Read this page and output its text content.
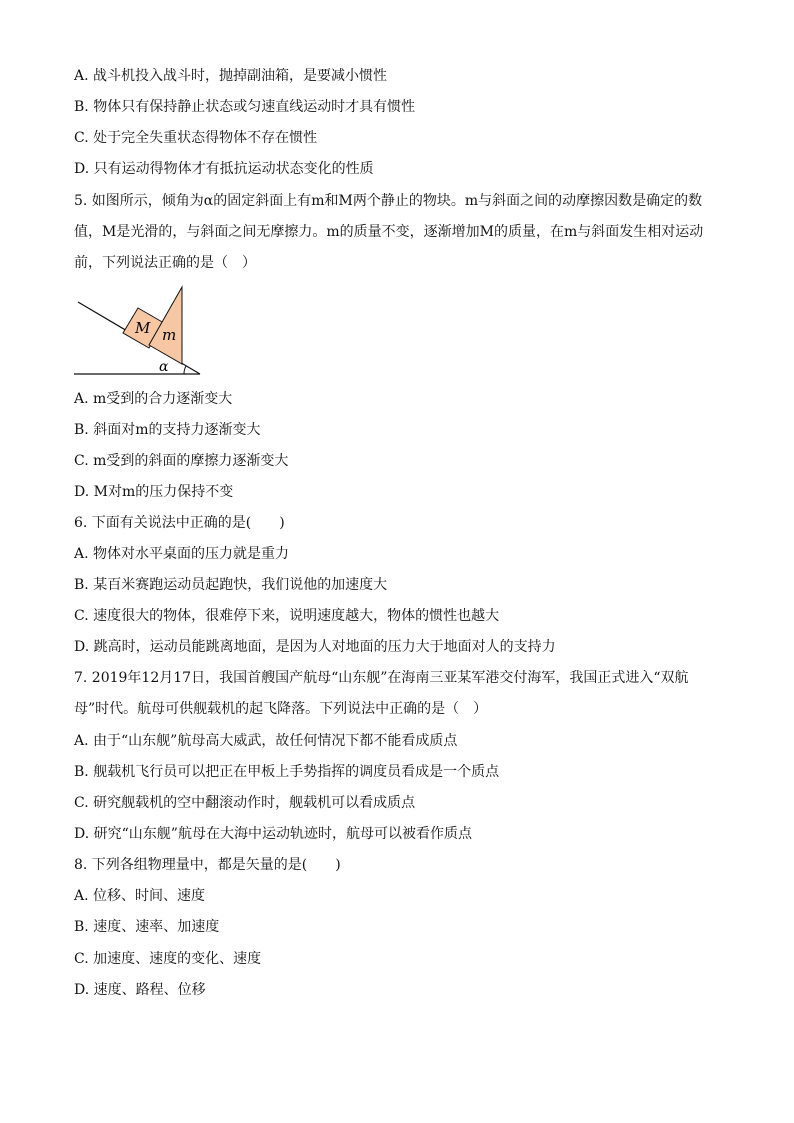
A. 战斗机投入战斗时，抛掉副油箱，是要减小惯性
B. 物体只有保持静止状态或匀速直线运动时才具有惯性
C. 处于完全失重状态得物体不存在惯性
D. 只有运动得物体才有抵抗运动状态变化的性质
5. 如图所示，倾角为α的固定斜面上有m和M两个静止的物块。m与斜面之间的动摩擦因数是确定的数
值，M是光滑的，与斜面之间无摩擦力。m的质量不变，逐渐增加M的质量，在m与斜面发生相对运动
前，下列说法正确的是（　）
M m
α
A. m受到的合力逐渐变大
B. 斜面对m的支持力逐渐变大
C. m受到的斜面的摩擦力逐渐变大
D. M对m的压力保持不变
6. 下面有关说法中正确的是(　　)
A. 物体对水平桌面的压力就是重力
B. 某百米赛跑运动员起跑快，我们说他的加速度大
C. 速度很大的物体，很难停下来，说明速度越大，物体的惯性也越大
D. 跳高时，运动员能跳离地面，是因为人对地面的压力大于地面对人的支持力
7. 2019年12月17日，我国首艘国产航母“山东舰”在海南三亚某军港交付海军，我国正式进入“双航
母”时代。航母可供舰载机的起飞降落。下列说法中正确的是（　）
A. 由于“山东舰”航母高大威武，故任何情况下都不能看成质点
B. 舰载机飞行员可以把正在甲板上手势指挥的调度员看成是一个质点
C. 研究舰载机的空中翻滚动作时，舰载机可以看成质点
D. 研究“山东舰”航母在大海中运动轨迹时，航母可以被看作质点
8. 下列各组物理量中，都是矢量的是(　　)
A. 位移、时间、速度
B. 速度、速率、加速度
C. 加速度、速度的变化、速度
D. 速度、路程、位移
